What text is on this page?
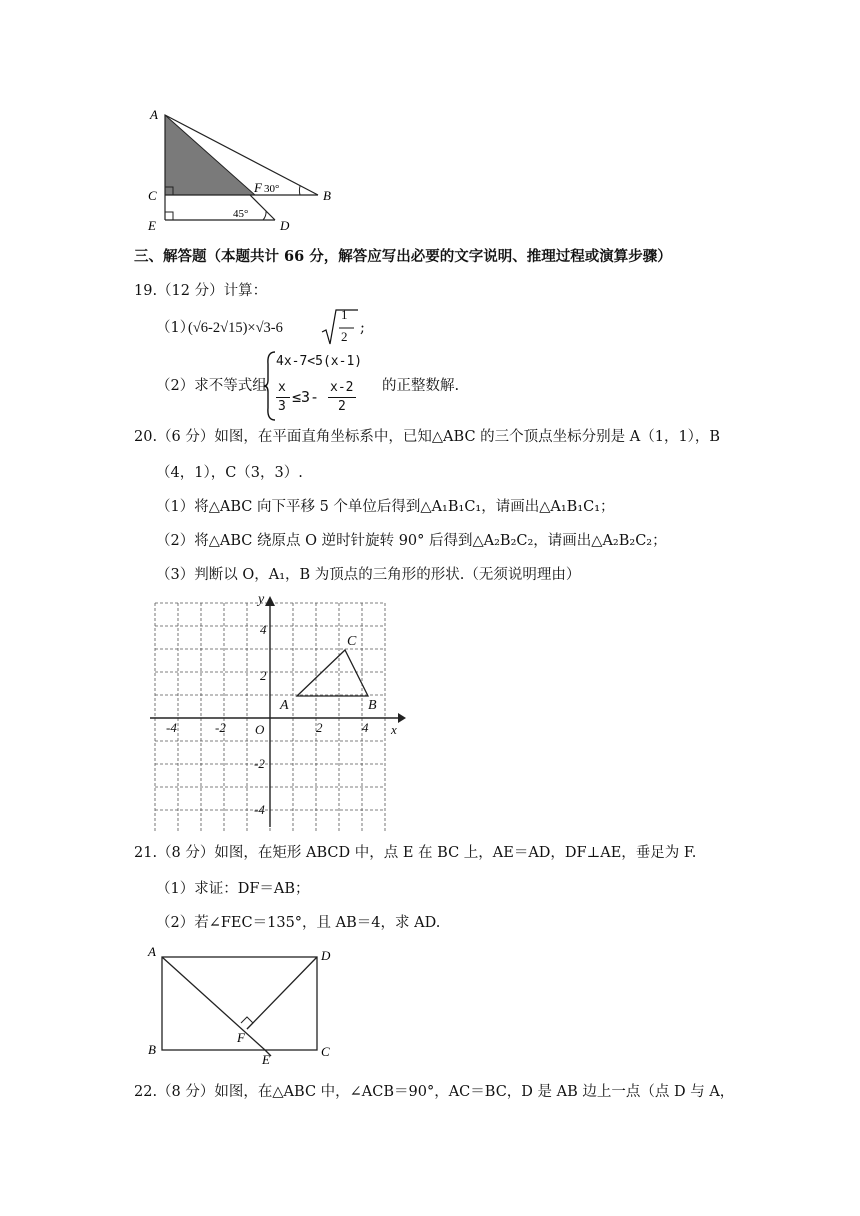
A
C
E
F 30°	B
45°
D
三、解答题（本题共计 66 分，解答应写出必要的文字说明、推理过程或演算步骤）
19.（12 分）计算：
（1）
(√6-2√15)×√3-6
1
2
;
（2）求不等式组
4x-7<5(x-1)
x
3
≤3-
x-2
2
的正整数解.
20.（6 分）如图，在平面直角坐标系中，已知△ABC 的三个顶点坐标分别是 A（1，1），B
（4，1），C（3，3）.
（1）将△ABC 向下平移 5 个单位后得到△A₁B₁C₁，请画出△A₁B₁C₁；
（2）将△ABC 绕原点 O 逆时针旋转 90° 后得到△A₂B₂C₂，请画出△A₂B₂C₂；
（3）判断以 O，A₁，B 为顶点的三角形的形状.（无须说明理由）
-4	-2 O	2	4 x
y
4
2
-2
-4
A	B
C
21.（8 分）如图，在矩形 ABCD 中，点 E 在 BC 上，AE＝AD，DF⊥AE，垂足为 F.
（1）求证：DF＝AB；
（2）若∠FEC＝135°，且 AB＝4，求 AD.
A	D
B	C
F
E
22.（8 分）如图，在△ABC 中，∠ACB＝90°，AC＝BC，D 是 AB 边上一点（点 D 与 A，
